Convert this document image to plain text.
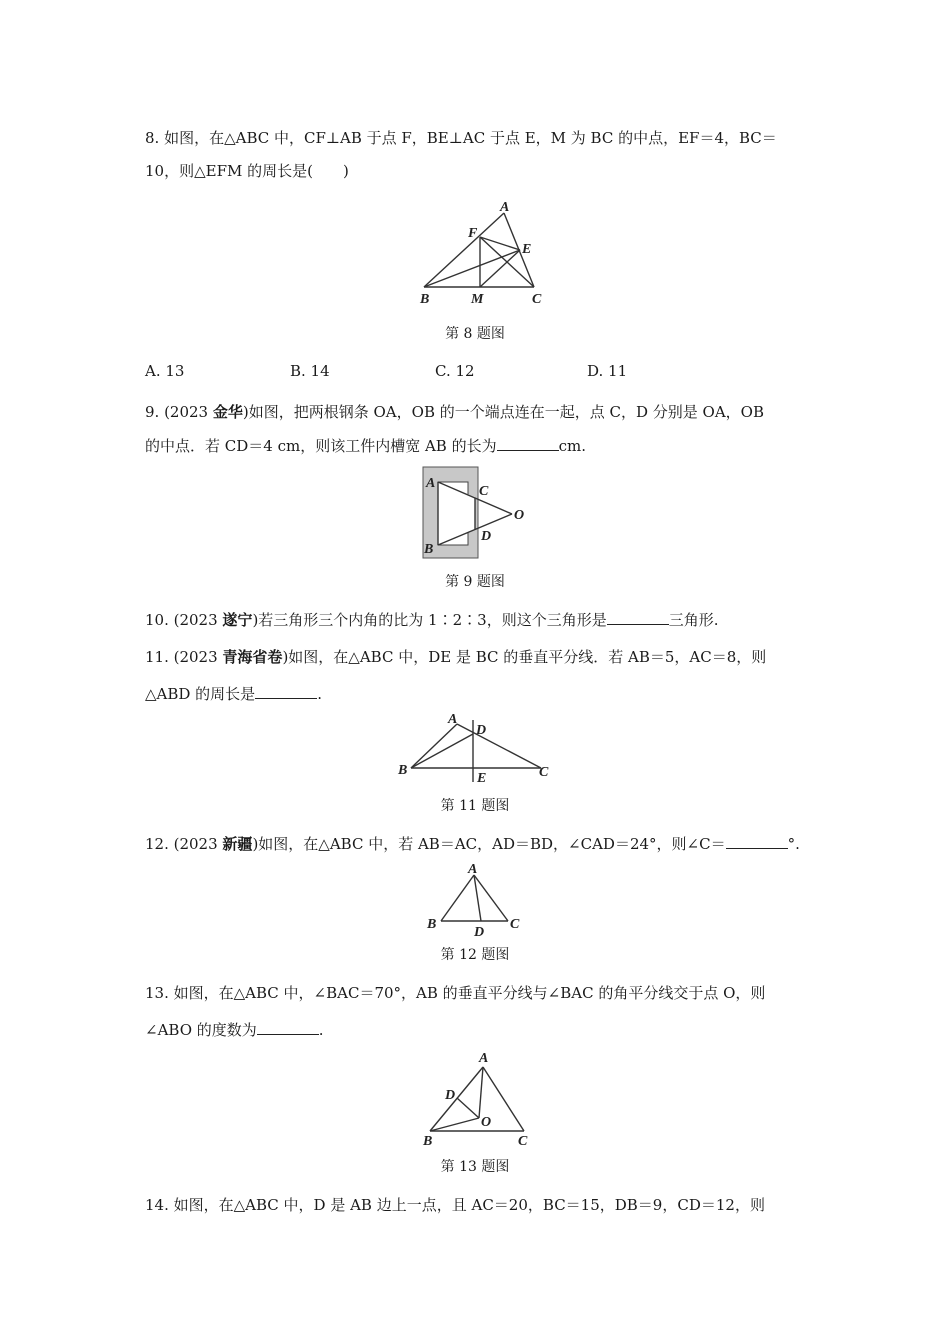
8. 如图，在△ABC 中，CF⊥AB 于点 F，BE⊥AC 于点 E，M 为 BC 的中点，EF＝4，BC＝
10，则△EFM 的周长是(　　)
A
F
E
B	M	C
第 8 题图
A. 13	B. 14	C. 12	D. 11
9. (2023 金华)如图，把两根钢条 OA，OB 的一个端点连在一起，点 C，D 分别是 OA，OB
的中点．若 CD＝4 cm，则该工件内槽宽 AB 的长为	cm.
A
C
O
D
B
第 9 题图
10. (2023 遂宁)若三角形三个内角的比为 1∶2∶3，则这个三角形是	三角形.
11. (2023 青海省卷)如图，在△ABC 中，DE 是 BC 的垂直平分线．若 AB＝5，AC＝8，则
△ABD 的周长是	.
A
D
B
E	C
第 11 题图
12. (2023 新疆)如图，在△ABC 中，若 AB＝AC，AD＝BD，∠CAD＝24°，则∠C＝	°.
A
B
D
C
第 12 题图
13. 如图，在△ABC 中，∠BAC＝70°，AB 的垂直平分线与∠BAC 的角平分线交于点 O，则
∠ABO 的度数为	.
A
D
O
B	C
第 13 题图
14. 如图，在△ABC 中，D 是 AB 边上一点，且 AC＝20，BC＝15，DB＝9，CD＝12，则
